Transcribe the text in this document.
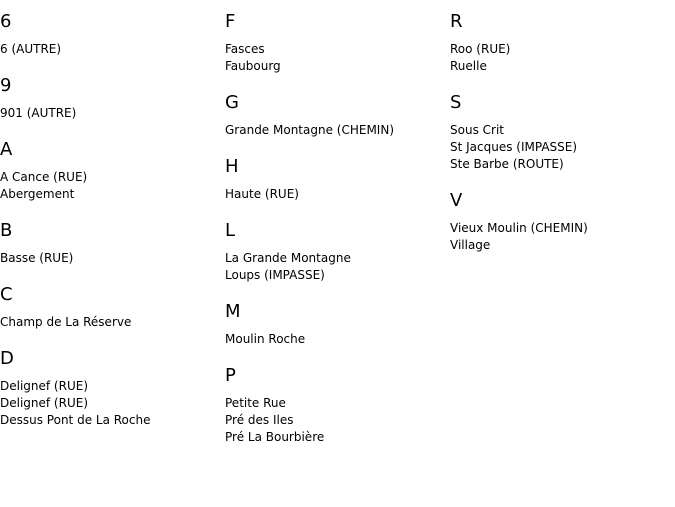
6
6 (AUTRE)
9
901 (AUTRE)
A
A Cance (RUE)
Abergement
B
Basse (RUE)
C
Champ de La Réserve
D
Delignef (RUE)
Delignef (RUE)
Dessus Pont de La Roche
F
Fasces
Faubourg
G
Grande Montagne (CHEMIN)
H
Haute (RUE)
L
La Grande Montagne
Loups (IMPASSE)
M
Moulin Roche
P
Petite Rue
Pré des Iles
Pré La Bourbière
R
Roo (RUE)
Ruelle
S
Sous Crit
St Jacques (IMPASSE)
Ste Barbe (ROUTE)
V
Vieux Moulin (CHEMIN)
Village
